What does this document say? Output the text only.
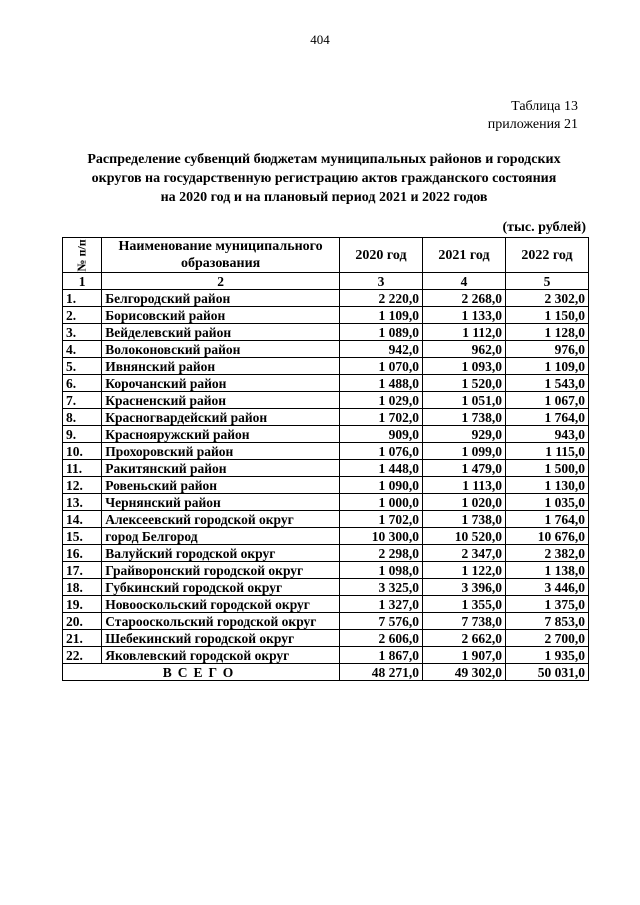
404
Таблица 13
приложения 21
Распределение субвенций бюджетам муниципальных районов и городских
округов на государственную регистрацию актов гражданского состояния
на 2020 год и на плановый период 2021 и 2022 годов
(тыс. рублей)
№ п/п	Наименование муниципального образования	2020 год	2021 год	2022 год
1	2	3	4	5
1.	Белгородский район	2 220,0	2 268,0	2 302,0
2.	Борисовский район	1 109,0	1 133,0	1 150,0
3.	Вейделевский район	1 089,0	1 112,0	1 128,0
4.	Волоконовский район	942,0	962,0	976,0
5.	Ивнянский район	1 070,0	1 093,0	1 109,0
6.	Корочанский район	1 488,0	1 520,0	1 543,0
7.	Красненский район	1 029,0	1 051,0	1 067,0
8.	Красногвардейский район	1 702,0	1 738,0	1 764,0
9.	Краснояружский район	909,0	929,0	943,0
10.	Прохоровский район	1 076,0	1 099,0	1 115,0
11.	Ракитянский район	1 448,0	1 479,0	1 500,0
12.	Ровеньский район	1 090,0	1 113,0	1 130,0
13.	Чернянский район	1 000,0	1 020,0	1 035,0
14.	Алексеевский городской округ	1 702,0	1 738,0	1 764,0
15.	город Белгород	10 300,0	10 520,0	10 676,0
16.	Валуйский городской округ	2 298,0	2 347,0	2 382,0
17.	Грайворонский городской округ	1 098,0	1 122,0	1 138,0
18.	Губкинский городской округ	3 325,0	3 396,0	3 446,0
19.	Новооскольский городской округ	1 327,0	1 355,0	1 375,0
20.	Старооскольский городской округ	7 576,0	7 738,0	7 853,0
21.	Шебекинский городской округ	2 606,0	2 662,0	2 700,0
22.	Яковлевский городской округ	1 867,0	1 907,0	1 935,0
ВСЕГО		48 271,0	49 302,0	50 031,0
